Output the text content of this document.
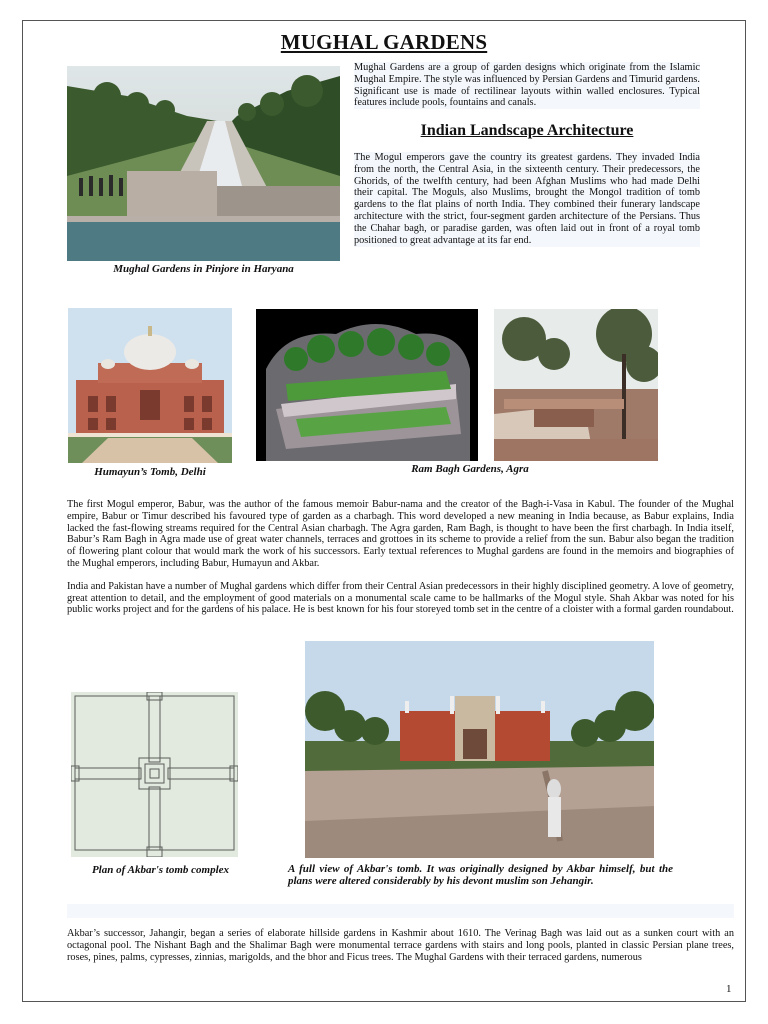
MUGHAL GARDENS
Mughal Gardens in Pinjore in Haryana

Mughal Gardens are a group of garden designs which originate from the Islamic Mughal Empire. The style was influenced by Persian Gardens and Timurid gardens. Significant use is made of rectilinear layouts within walled enclosures. Typical features include pools, fountains and canals.

Indian Landscape Architecture

The Mogul emperors gave the country its greatest gardens. They invaded India from the north, the Central Asia, in the sixteenth century. Their predecessors, the Ghorids, of the twelfth century, had been Afghan Muslims who had made Delhi their capital. The Moguls, also Muslims, brought the Mongol tradition of tomb gardens to the flat plains of north India. They combined their funerary landscape architecture with the strict, four-segment garden architecture of the Persians. Thus the Chahar bagh, or paradise garden, was often laid out in front of a royal tomb positioned to great advantage at its far end.

Humayun’s Tomb, Delhi	Ram Bagh Gardens, Agra

The first Mogul emperor, Babur, was the author of the famous memoir Babur-nama and the creator of the Bagh-i-Vasa in Kabul. The founder of the Mughal empire, Babur or Timur described his favoured type of garden as a charbagh. This word developed a new meaning in India because, as Babur explains, India lacked the fast-flowing streams required for the Central Asian charbagh. The Agra garden, Ram Bagh, is thought to have been the first charbagh. In India itself, Babur’s Ram Bagh in Agra made use of great water channels, terraces and grottoes in its scheme to provide a relief from the sun. Babur also began the tradition of flowering plant colour that would mark the work of his successors. Early textual references to Mughal gardens are found in the memoirs and biographies of the Mughal emperors, including Babur, Humayun and Akbar.

India and Pakistan have a number of Mughal gardens which differ from their Central Asian predecessors in their highly disciplined geometry. A love of geometry, great attention to detail, and the employment of good materials on a monumental scale came to be hallmarks of the Mogul style. Shah Akbar was noted for his public works project and for the gardens of his palace. He is best known for his four storeyed tomb set in the centre of a cloister with a formal garden roundabout.

Plan of Akbar's tomb complex	A full view of Akbar's tomb. It was originally designed by Akbar himself, but the plans were altered considerably by his devont muslim son Jehangir.

Akbar’s successor, Jahangir, began a series of elaborate hillside gardens in Kashmir about 1610. The Verinag Bagh was laid out as a sunken court with an octagonal pool. The Nishant Bagh and the Shalimar Bagh were monumental terrace gardens with stairs and long pools, planted in classic Persian plane trees, roses, pines, palms, cypresses, zinnias, marigolds, and the bhor and Ficus trees. The Mughal Gardens with their terraced gardens, numerous

1
